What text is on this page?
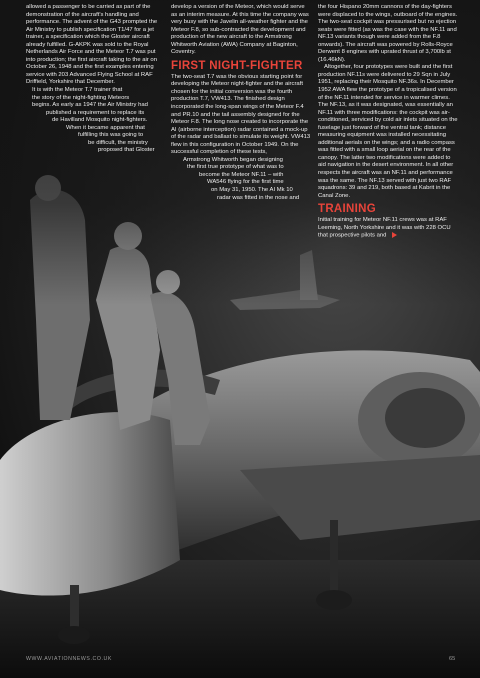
allowed a passenger to be carried as part of the demonstration of the aircraft's handling and performance. The advent of the G43 prompted the Air Ministry to publish specification T1/47 for a jet trainer, a specification which the Gloster aircraft already fulfilled. G-AKPK was sold to the Royal Netherlands Air Force and the Meteor T.7 was put into production; the first aircraft taking to the air on October 26, 1948 and the first examples entering service with 203 Advanced Flying School at RAF Driffield, Yorkshire that December.

It is with the Meteor T.7 trainer that
the story of the night-fighting Meteors
begins. As early as 1947 the Air Ministry had
published a requirement to replace its
de Havilland Mosquito night-fighters.
When it became apparent that
fulfilling this was going to
be difficult, the ministry
proposed that Gloster

develop a version of the Meteor, which would serve as an interim measure. At this time the company was very busy with the Javelin all-weather fighter and the Meteor F.8, so sub-contracted the development and production of the new aircraft to the Armstrong Whitworth Aviation (AWA) Company at Baginton, Coventry.

FIRST NIGHT-FIGHTER

The two-seat T.7 was the obvious starting point for developing the Meteor night-fighter and the aircraft chosen for the initial conversion was the fourth production T.7, VW413. The finished design incorporated the long-span wings of the Meteor F.4 and PR.10 and the tail assembly designed for the Meteor F.8. The long nose created to incorporate the AI (airborne interception) radar contained a mock-up of the radar and ballast to simulate its weight. VW413 flew in this configuration in October 1949. On the successful completion of these tests,

Armstrong Whitworth began designing
the first true prototype of what was to
become the Meteor NF.11 – with
WA546 flying for the first time
on May 31, 1950. The AI Mk 10
radar was fitted in the nose and

the four Hispano 20mm cannons of the day-fighters were displaced to the wings, outboard of the engines. The two-seat cockpit was pressurised but no ejection seats were fitted (as was the case with the NF.11 and NF.13 variants though were added from the F.8 onwards). The aircraft was powered by Rolls-Royce Derwent 8 engines with uprated thrust of 3,700lb st (16.46kN).

Altogether, four prototypes were built and the first production NF.11s were delivered to 29 Sqn in July 1951, replacing their Mosquito NF.36s. In December 1952 AWA flew the prototype of a tropicalised version of the NF.11 intended for service in warmer climes. The NF.13, as it was designated, was essentially an NF.11 with three modifications: the cockpit was air-conditioned, serviced by cold air inlets situated on the fuselage just forward of the ventral tank; distance measuring equipment was installed necessitating additional aerials on the wings; and a radio compass was fitted with a small loop aerial on the rear of the canopy. The latter two modifications were added to aid navigation in the desert environment. In all other respects the aircraft was an NF.11 and performance was the same. The NF.13 served with just two RAF squadrons: 39 and 219, both based at Kabrit in the Canal Zone.

TRAINING

Initial training for Meteor NF.11 crews was at RAF Leeming, North Yorkshire and it was with 228 OCU that prospective pilots and

WWW.AVIATIONNEWS.CO.UK	65
